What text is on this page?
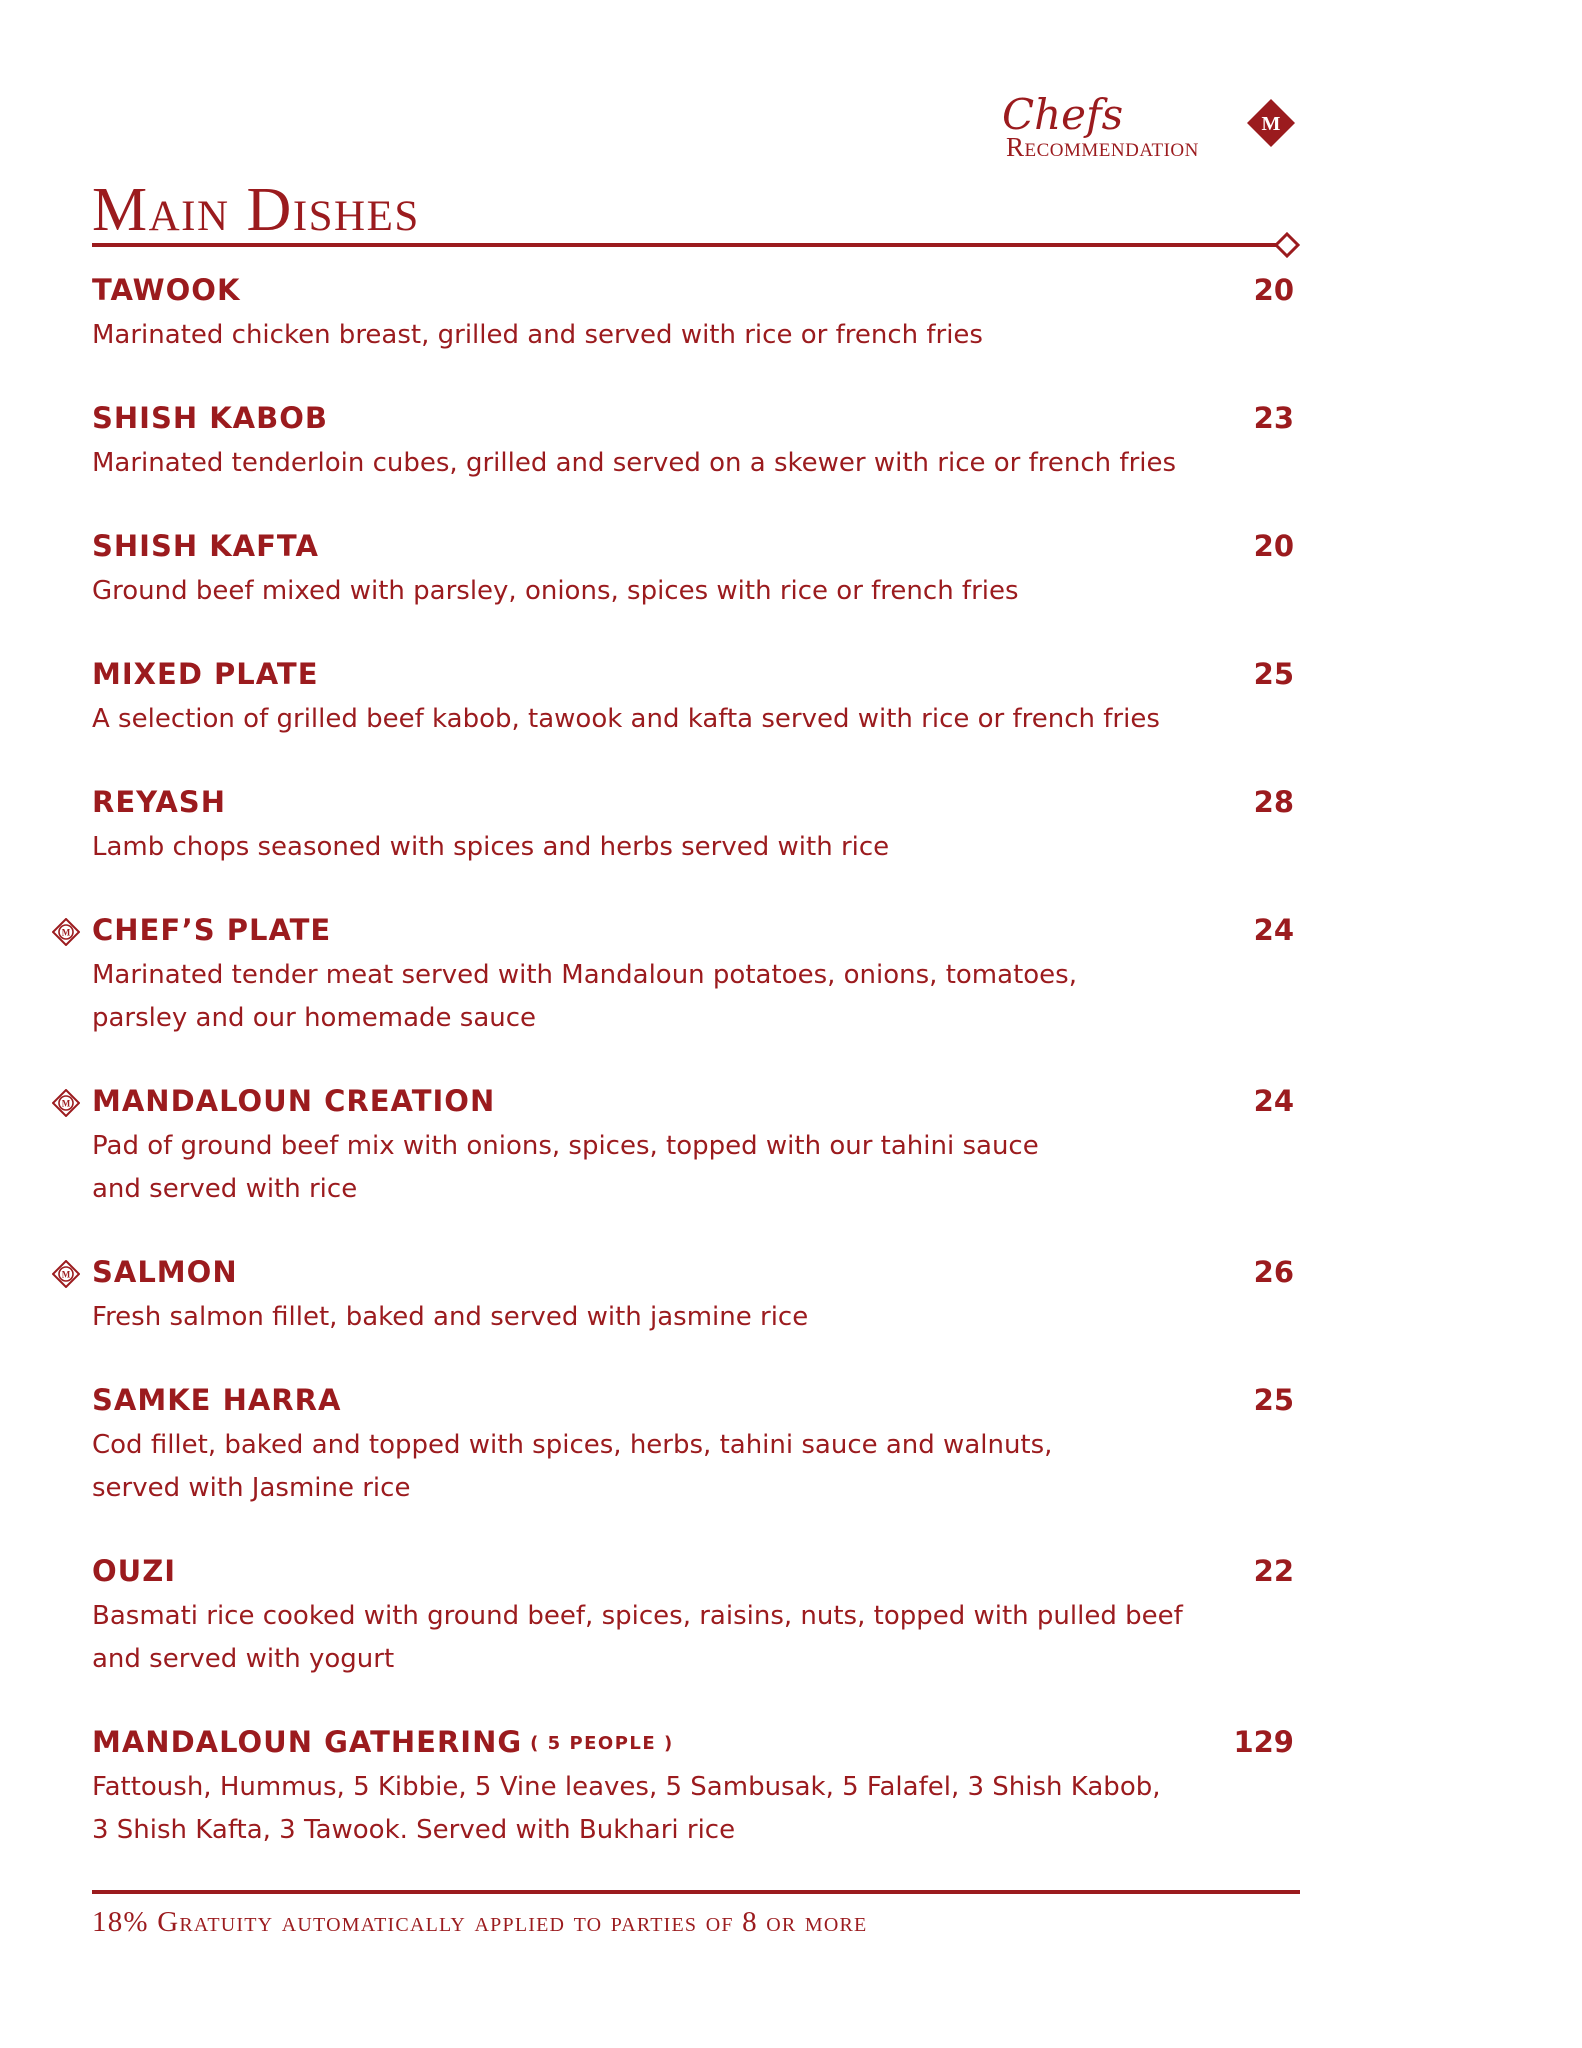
Chefs
Recommendation
M
Main Dishes
TAWOOK	20
Marinated chicken breast, grilled and served with rice or french fries
SHISH KABOB	23
Marinated tenderloin cubes, grilled and served on a skewer with rice or french fries
SHISH KAFTA	20
Ground beef mixed with parsley, onions, spices with rice or french fries
MIXED PLATE	25
A selection of grilled beef kabob, tawook and kafta served with rice or french fries
REYASH	28
Lamb chops seasoned with spices and herbs served with rice
M CHEF’S PLATE	24
Marinated tender meat served with Mandaloun potatoes, onions, tomatoes,
parsley and our homemade sauce
M MANDALOUN CREATION	24
Pad of ground beef mix with onions, spices, topped with our tahini sauce
and served with rice
M SALMON	26
Fresh salmon fillet, baked and served with jasmine rice
SAMKE HARRA	25
Cod fillet, baked and topped with spices, herbs, tahini sauce and walnuts,
served with Jasmine rice
OUZI	22
Basmati rice cooked with ground beef, spices, raisins, nuts, topped with pulled beef
and served with yogurt
MANDALOUN GATHERING ( 5 PEOPLE )	129
Fattoush, Hummus, 5 Kibbie, 5 Vine leaves, 5 Sambusak, 5 Falafel, 3 Shish Kabob,
3 Shish Kafta, 3 Tawook. Served with Bukhari rice
18% Gratuity automatically applied to parties of 8 or more
